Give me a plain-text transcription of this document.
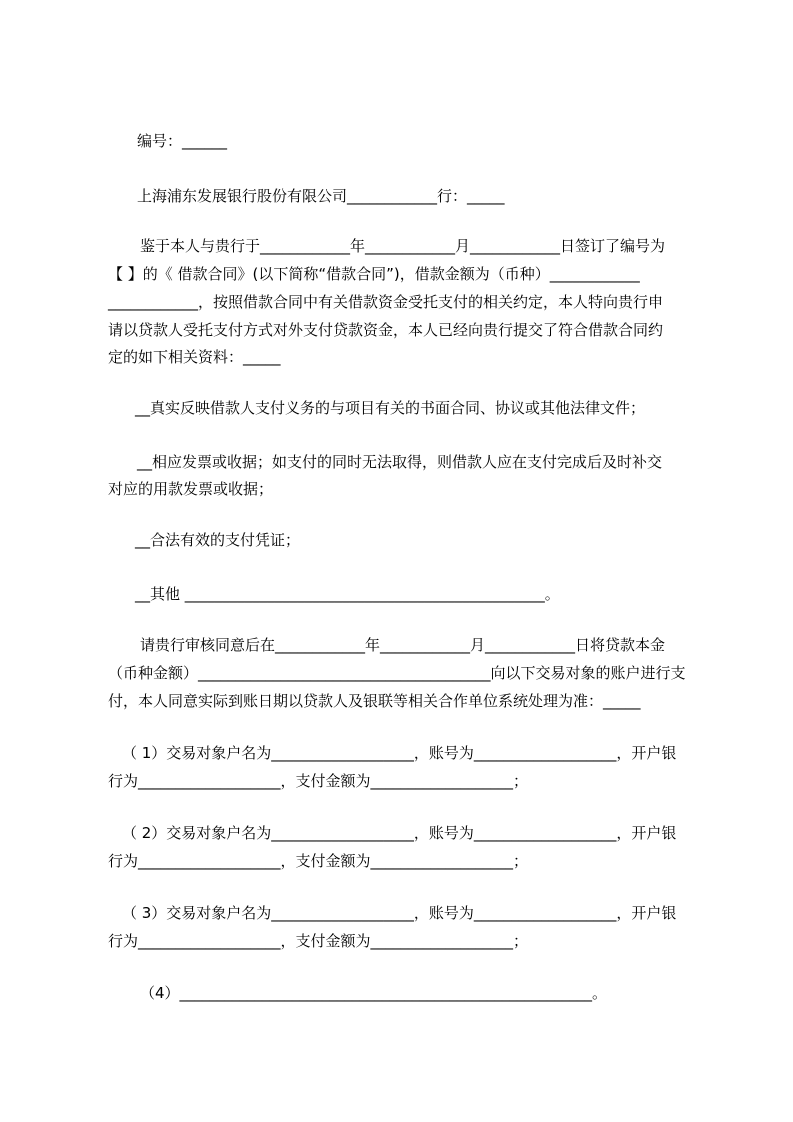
编号：______
上海浦东发展银行股份有限公司____________行：_____
鉴于本人与贵行于____________年____________月____________日签订了编号为
【 】的《 借款合同》(以下简称“借款合同”)，借款金额为（币种）____________
____________，按照借款合同中有关借款资金受托支付的相关约定，本人特向贵行申
请以贷款人受托支付方式对外支付贷款资金，本人已经向贵行提交了符合借款合同约
定的如下相关资料：_____
__真实反映借款人支付义务的与项目有关的书面合同、协议或其他法律文件；
__相应发票或收据；如支付的同时无法取得，则借款人应在支付完成后及时补交
对应的用款发票或收据；
__合法有效的支付凭证；
__其他 ________________________________________________。
请贵行审核同意后在____________年____________月____________日将贷款本金
（币种金额）_______________________________________向以下交易对象的账户进行支
付，本人同意实际到账日期以贷款人及银联等相关合作单位系统处理为准：_____
（ 1）交易对象户名为___________________，账号为___________________，开户银
行为___________________，支付金额为___________________；
（ 2）交易对象户名为___________________，账号为___________________，开户银
行为___________________，支付金额为___________________；
（ 3）交易对象户名为___________________，账号为___________________，开户银
行为___________________，支付金额为___________________；
（4）_______________________________________________________。
